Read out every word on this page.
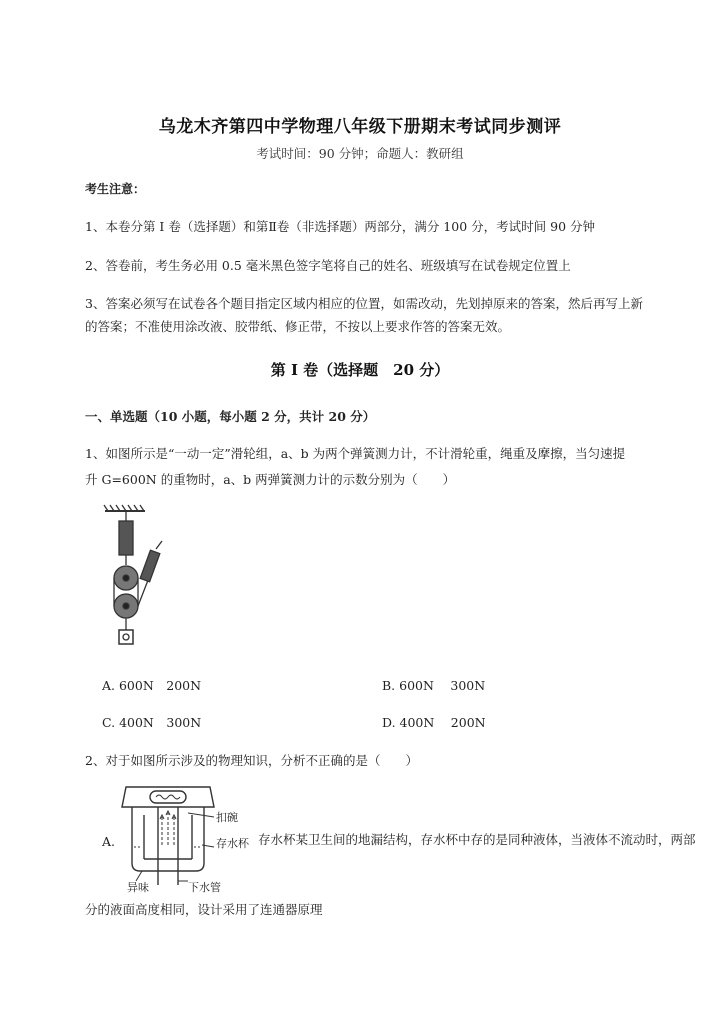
乌龙木齐第四中学物理八年级下册期末考试同步测评
考试时间：90 分钟；命题人：教研组
考生注意：
1、本卷分第 I 卷（选择题）和第Ⅱ卷（非选择题）两部分，满分 100 分，考试时间 90 分钟
2、答卷前，考生务必用 0.5 毫米黑色签字笔将自己的姓名、班级填写在试卷规定位置上
3、答案必须写在试卷各个题目指定区域内相应的位置，如需改动，先划掉原来的答案，然后再写上新
的答案；不准使用涂改液、胶带纸、修正带，不按以上要求作答的答案无效。
第 I 卷（选择题　20 分）
一、单选题（10 小题，每小题 2 分，共计 20 分）
1、如图所示是“一动一定”滑轮组，a、b 为两个弹簧测力计，不计滑轮重，绳重及摩擦，当匀速提
升 G=600N 的重物时，a、b 两弹簧测力计的示数分别为（　　）
A. 600N　200N	B. 600N　 300N
C. 400N　300N	D. 400N　 200N
2、对于如图所示涉及的物理知识，分析不正确的是（　　）
扣碗
存水杯
异味	下水管
A.	存水杯某卫生间的地漏结构，存水杯中存的是同种液体，当液体不流动时，两部
分的液面高度相同，设计采用了连通器原理
